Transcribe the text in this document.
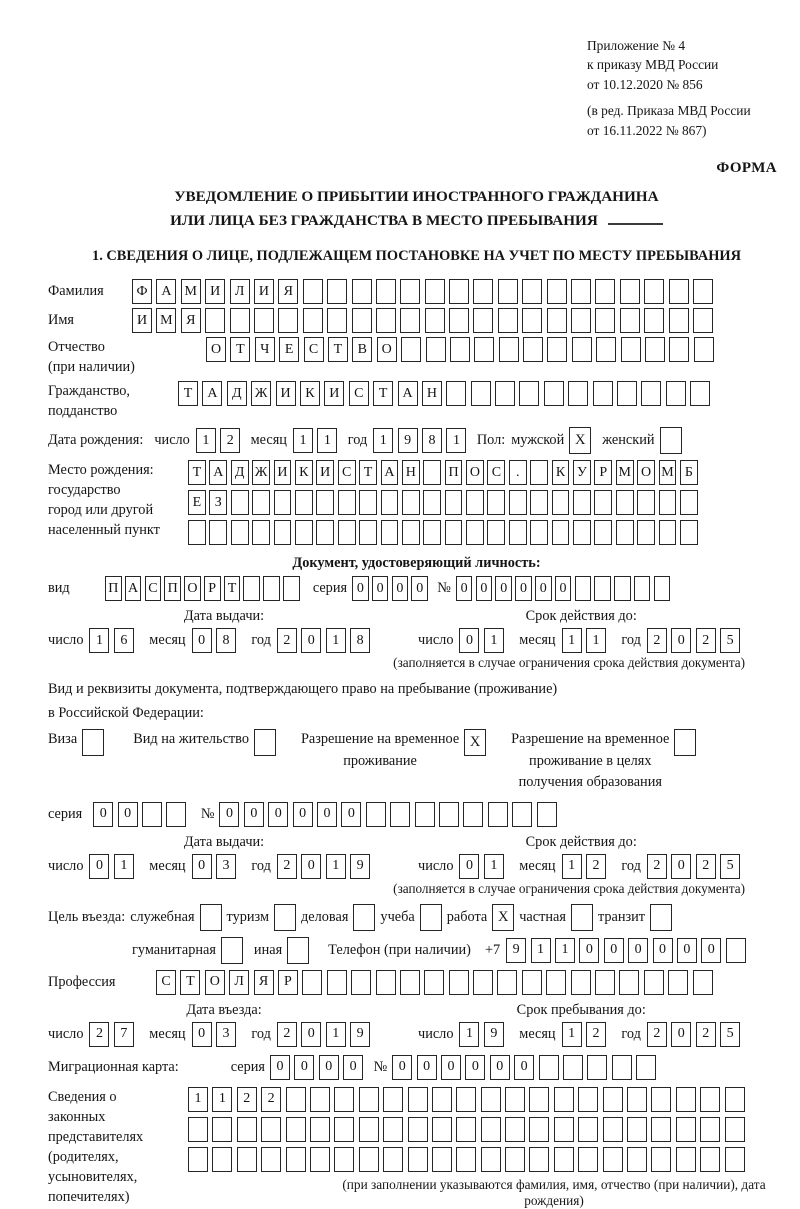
Приложение № 4
к приказу МВД России
от 10.12.2020 № 856
(в ред. Приказа МВД России
от 16.11.2022 № 867)
ФОРМА
УВЕДОМЛЕНИЕ О ПРИБЫТИИ ИНОСТРАННОГО ГРАЖДАНИНА
ИЛИ ЛИЦА БЕЗ ГРАЖДАНСТВА В МЕСТО ПРЕБЫВАНИЯ
1. СВЕДЕНИЯ О ЛИЦЕ, ПОДЛЕЖАЩЕМ ПОСТАНОВКЕ НА УЧЕТ ПО МЕСТУ ПРЕБЫВАНИЯ
Фамилия	Ф А М И	Л	И	Я
Имя	И М Я
Отчество
(при наличии)
О	Т	Ч	Е	С	Т	В	О
Гражданство,
подданство
Т	А	Д Ж И	К	И	С	Т	А	Н
Дата рождения: число 1	2	месяц 1	1	год 1	9	8	1	Пол: мужской X	женский
Место рождения:
государство
город или другой
населенный пункт
Т А Д Ж И К И С Т А Н П О С	.	К У Р М О М Б
Е З
Документ, удостоверяющий личность:
вид	П А С П О Р Т	серия 0 0 0 0 № 0 0 0 0 0 0
Дата выдачи:
число 1	6	месяц 0	8	год 2	0	1	8
Срок действия до:
число 0	1	месяц 1	1	год 2	0	2	5
(заполняется в случае ограничения срока действия документа)
Вид и реквизиты документа, подтверждающего право на пребывание (проживание)
в Российской Федерации:
Виза	Вид на жительство	Разрешение на временное
проживание
X	Разрешение на временное
проживание в целях
получения образования
серия	0	0	№ 0	0	0	0	0	0
Дата выдачи:
число 0	1	месяц 0	3	год 2	0	1	9
Срок действия до:
число 0	1	месяц 1	2	год 2	0	2	5
(заполняется в случае ограничения срока действия документа)
Цель въезда: служебная туризм деловая учеба работа X частная транзит
гуманитарная	иная	Телефон (при наличии) +7 9	1	1	0	0	0	0	0	0
Профессия	С	Т	О	Л	Я	Р
Дата въезда:
число 2	7	месяц 0	3	год 2	0	1	9
Срок пребывания до:
число 1	9	месяц 1	2	год 2	0	2	5
Миграционная карта:	серия 0	0	0	0	№ 0	0	0	0	0	0
Сведения о
законных
представителях
(родителях,
усыновителях,
попечителях)
1	1	2	2
(при заполнении указываются фамилия, имя, отчество (при наличии), дата рождения)
